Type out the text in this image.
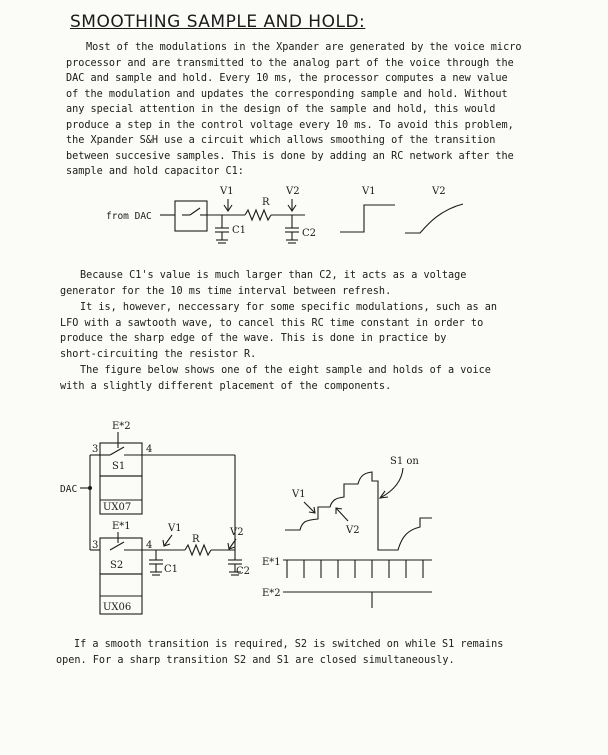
SMOOTHING SAMPLE AND HOLD:
Most of the modulations in the Xpander are generated by the voice micro
processor and are transmitted to the analog part of the voice through the
DAC and sample and hold. Every 10 ms, the processor computes a new value
of the modulation and updates the corresponding sample and hold. Without
any special attention in the design of the sample and hold, this would
produce a step in the control voltage every 10 ms. To avoid this problem,
the Xpander S&H use a circuit which allows smoothing of the transition
between succesive samples. This is done by adding an RC network after the
sample and hold capacitor C1:
Because C1's value is much larger than C2, it acts as a voltage
generator for the 10 ms time interval between refresh.
It is, however, neccessary for some specific modulations, such as an
LFO with a sawtooth wave, to cancel this RC time constant in order to
produce the sharp edge of the wave. This is done in practice by
short-circuiting the resistor R.
The figure below shows one of the eight sample and holds of a voice
with a slightly different placement of the components.
If a smooth transition is required, S2 is switched on while S1 remains
open. For a sharp transition S2 and S1 are closed simultaneously.
from DAC
C1
R
C2
V1	V2	V1	V2
E*2
3	4
S1
UX07
DAC
E*1
3	4
S2
UX06
C1
V1
R
C2
V2
S1 on
V1
V2
E*1
E*2
